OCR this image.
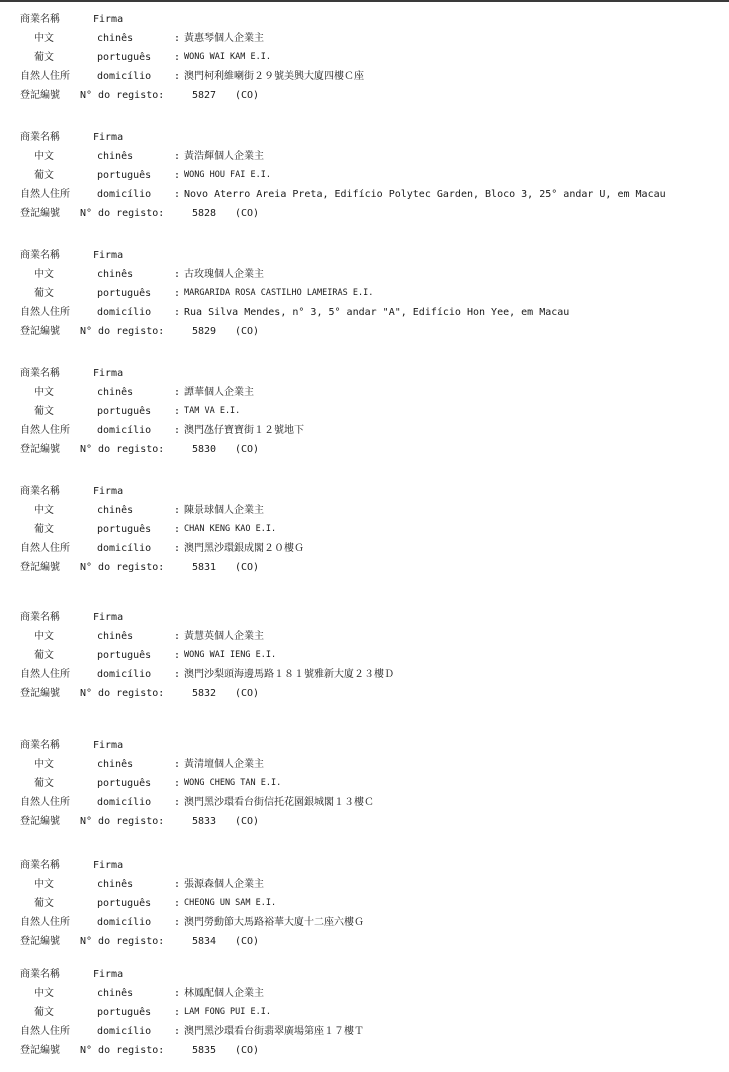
商業名稱	Firma
中文	chinês	: 黃惠琴個人企業主
葡文	português : WONG WAI KAM E.I.
自然人住所	domicílio : 澳門柯利維喇街２９號美興大廈四樓Ｃ座
登記編號 N° do registo:	5827 (CO)
商業名稱	Firma
中文	chinês	: 黃浩輝個人企業主
葡文	português : WONG HOU FAI E.I.
自然人住所	domicílio : Novo Aterro Areia Preta, Edifício Polytec Garden, Bloco 3, 25° andar U, em Macau
登記編號 N° do registo:	5828 (CO)
商業名稱	Firma
中文	chinês	: 古玫瑰個人企業主
葡文	português : MARGARIDA ROSA CASTILHO LAMEIRAS E.I.
自然人住所	domicílio : Rua Silva Mendes, n° 3, 5° andar "A", Edifício Hon Yee, em Macau
登記編號 N° do registo:	5829 (CO)
商業名稱	Firma
中文	chinês	: 譚華個人企業主
葡文	português : TAM VA E.I.
自然人住所	domicílio : 澳門氹仔寶寶街１２號地下
登記編號 N° do registo:	5830 (CO)
商業名稱	Firma
中文	chinês	: 陳景球個人企業主
葡文	português : CHAN KENG KAO E.I.
自然人住所	domicílio : 澳門黑沙環銀成閣２０樓Ｇ
登記編號 N° do registo:	5831 (CO)
商業名稱	Firma
中文	chinês	: 黃慧英個人企業主
葡文	português : WONG WAI IENG E.I.
自然人住所	domicílio : 澳門沙梨頭海邊馬路１８１號雅新大廈２３樓Ｄ
登記編號 N° do registo:	5832 (CO)
商業名稱	Firma
中文	chinês	: 黃清壇個人企業主
葡文	português : WONG CHENG TAN E.I.
自然人住所	domicílio : 澳門黑沙環看台街信托花園銀城閣１３樓Ｃ
登記編號 N° do registo:	5833 (CO)
商業名稱	Firma
中文	chinês	: 張源森個人企業主
葡文	português : CHEONG UN SAM E.I.
自然人住所	domicílio : 澳門勞動節大馬路裕華大廈十二座六樓Ｇ
登記編號 N° do registo:	5834 (CO)
商業名稱	Firma
中文	chinês	: 林鳳配個人企業主
葡文	português : LAM FONG PUI E.I.
自然人住所	domicílio : 澳門黑沙環看台街翡翠廣場第座１７樓Ｔ
登記編號 N° do registo:	5835 (CO)
